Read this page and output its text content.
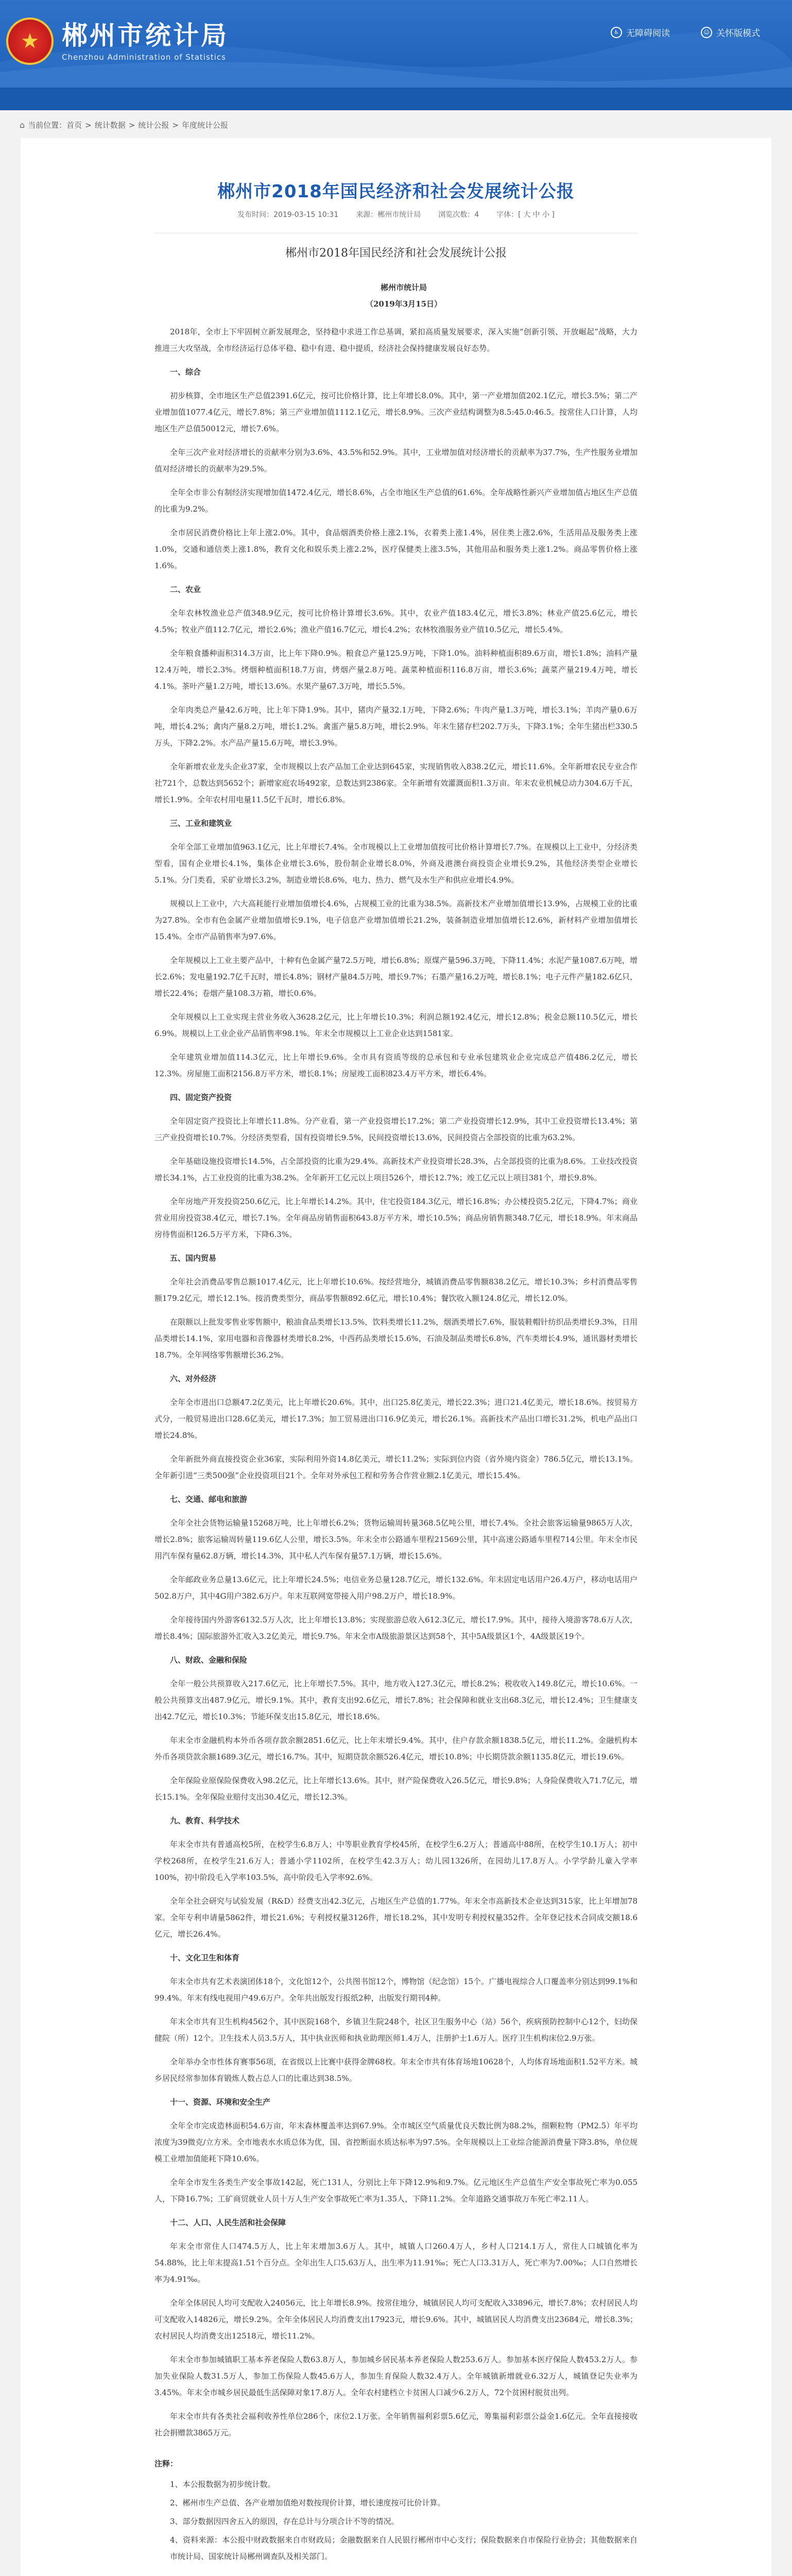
★ 郴州市统计局
Chenzhou Administration of Statistics
♿ 无障碍阅读	☺ 关怀版模式
⌂ 当前位置：首页 > 统计数据 > 统计公报 > 年度统计公报
郴州市2018年国民经济和社会发展统计公报
发布时间：2019-03-15 10:31 来源：郴州市统计局 浏览次数：4 字体：[ 大 中 小 ]
郴州市2018年国民经济和社会发展统计公报

郴州市统计局

（2019年3月15日）

2018年，全市上下牢固树立新发展理念，坚持稳中求进工作总基调，紧扣高质量发展要求，深入实施“创新引领、开放崛起”战略，大力推进三大攻坚战，全市经济运行总体平稳、稳中有进、稳中提质，经济社会保持健康发展良好态势。

一、综合

初步核算，全市地区生产总值2391.6亿元，按可比价格计算，比上年增长8.0%。其中，第一产业增加值202.1亿元，增长3.5%；第二产业增加值1077.4亿元，增长7.8%；第三产业增加值1112.1亿元，增长8.9%。三次产业结构调整为8.5:45.0:46.5。按常住人口计算，人均地区生产总值50012元，增长7.6%。

全年三次产业对经济增长的贡献率分别为3.6%、43.5%和52.9%。其中，工业增加值对经济增长的贡献率为37.7%，生产性服务业增加值对经济增长的贡献率为29.5%。

全年全市非公有制经济实现增加值1472.4亿元，增长8.6%，占全市地区生产总值的61.6%。全年战略性新兴产业增加值占地区生产总值的比重为9.2%。

全市居民消费价格比上年上涨2.0%。其中，食品烟酒类价格上涨2.1%，衣着类上涨1.4%，居住类上涨2.6%，生活用品及服务类上涨1.0%，交通和通信类上涨1.8%，教育文化和娱乐类上涨2.2%，医疗保健类上涨3.5%，其他用品和服务类上涨1.2%。商品零售价格上涨1.6%。

二、农业

全年农林牧渔业总产值348.9亿元，按可比价格计算增长3.6%。其中，农业产值183.4亿元，增长3.8%；林业产值25.6亿元，增长4.5%；牧业产值112.7亿元，增长2.6%；渔业产值16.7亿元，增长4.2%；农林牧渔服务业产值10.5亿元，增长5.4%。

全年粮食播种面积314.3万亩，比上年下降0.9%。粮食总产量125.9万吨，下降1.0%。油料种植面积89.6万亩，增长1.8%；油料产量12.4万吨，增长2.3%。烤烟种植面积18.7万亩，烤烟产量2.8万吨。蔬菜种植面积116.8万亩，增长3.6%；蔬菜产量219.4万吨，增长4.1%。茶叶产量1.2万吨，增长13.6%。水果产量67.3万吨，增长5.5%。

全年肉类总产量42.6万吨，比上年下降1.9%。其中，猪肉产量32.1万吨，下降2.6%；牛肉产量1.3万吨，增长3.1%；羊肉产量0.6万吨，增长4.2%；禽肉产量8.2万吨，增长1.2%。禽蛋产量5.8万吨，增长2.9%。年末生猪存栏202.7万头，下降3.1%；全年生猪出栏330.5万头，下降2.2%。水产品产量15.6万吨，增长3.9%。

全年新增农业龙头企业37家，全市规模以上农产品加工企业达到645家，实现销售收入838.2亿元，增长11.6%。全年新增农民专业合作社721个，总数达到5652个；新增家庭农场492家，总数达到2386家。全年新增有效灌溉面积1.3万亩。年末农业机械总动力304.6万千瓦，增长1.9%。全年农村用电量11.5亿千瓦时，增长6.8%。

三、工业和建筑业

全年全部工业增加值963.1亿元，比上年增长7.4%。全市规模以上工业增加值按可比价格计算增长7.7%。在规模以上工业中，分经济类型看，国有企业增长4.1%，集体企业增长3.6%，股份制企业增长8.0%，外商及港澳台商投资企业增长9.2%，其他经济类型企业增长5.1%。分门类看，采矿业增长3.2%，制造业增长8.6%，电力、热力、燃气及水生产和供应业增长4.9%。

规模以上工业中，六大高耗能行业增加值增长4.6%，占规模工业的比重为38.5%。高新技术产业增加值增长13.9%，占规模工业的比重为27.8%。全市有色金属产业增加值增长9.1%，电子信息产业增加值增长21.2%，装备制造业增加值增长12.6%，新材料产业增加值增长15.4%。全市产品销售率为97.6%。

全年规模以上工业主要产品中，十种有色金属产量72.5万吨，增长6.8%；原煤产量596.3万吨，下降11.4%；水泥产量1087.6万吨，增长2.6%；发电量192.7亿千瓦时，增长4.8%；钢材产量84.5万吨，增长9.7%；石墨产量16.2万吨，增长8.1%；电子元件产量182.6亿只，增长22.4%；卷烟产量108.3万箱，增长0.6%。

全年规模以上工业实现主营业务收入3628.2亿元，比上年增长10.3%；利润总额192.4亿元，增长12.8%；税金总额110.5亿元，增长6.9%。规模以上工业企业产品销售率98.1%。年末全市规模以上工业企业达到1581家。

全年建筑业增加值114.3亿元，比上年增长9.6%。全市具有资质等级的总承包和专业承包建筑业企业完成总产值486.2亿元，增长12.3%。房屋施工面积2156.8万平方米，增长8.1%；房屋竣工面积823.4万平方米，增长6.4%。

四、固定资产投资

全年固定资产投资比上年增长11.8%。分产业看，第一产业投资增长17.2%；第二产业投资增长12.9%，其中工业投资增长13.4%；第三产业投资增长10.7%。分经济类型看，国有投资增长9.5%，民间投资增长13.6%，民间投资占全部投资的比重为63.2%。

全年基础设施投资增长14.5%，占全部投资的比重为29.4%。高新技术产业投资增长28.3%，占全部投资的比重为8.6%。工业技改投资增长34.1%，占工业投资的比重为38.2%。全年新开工亿元以上项目526个，增长12.7%；竣工亿元以上项目381个，增长9.8%。

全年房地产开发投资250.6亿元，比上年增长14.2%。其中，住宅投资184.3亿元，增长16.8%；办公楼投资5.2亿元，下降4.7%；商业营业用房投资38.4亿元，增长7.1%。全年商品房销售面积643.8万平方米，增长10.5%；商品房销售额348.7亿元，增长18.9%。年末商品房待售面积126.5万平方米，下降6.3%。

五、国内贸易

全年社会消费品零售总额1017.4亿元，比上年增长10.6%。按经营地分，城镇消费品零售额838.2亿元，增长10.3%；乡村消费品零售额179.2亿元，增长12.1%。按消费类型分，商品零售额892.6亿元，增长10.4%；餐饮收入额124.8亿元，增长12.0%。

在限额以上批发零售业零售额中，粮油食品类增长13.5%，饮料类增长11.2%，烟酒类增长7.6%，服装鞋帽针纺织品类增长9.3%，日用品类增长14.1%，家用电器和音像器材类增长8.2%，中西药品类增长15.6%，石油及制品类增长6.8%，汽车类增长4.9%，通讯器材类增长18.7%。全年网络零售额增长36.2%。

六、对外经济

全年全市进出口总额47.2亿美元，比上年增长20.6%。其中，出口25.8亿美元，增长22.3%；进口21.4亿美元，增长18.6%。按贸易方式分，一般贸易进出口28.6亿美元，增长17.3%；加工贸易进出口16.9亿美元，增长26.1%。高新技术产品出口增长31.2%，机电产品出口增长24.8%。

全年新批外商直接投资企业36家，实际利用外资14.8亿美元，增长11.2%；实际到位内资（省外境内资金）786.5亿元，增长13.1%。全年新引进“三类500强”企业投资项目21个。全年对外承包工程和劳务合作营业额2.1亿美元，增长15.4%。

七、交通、邮电和旅游

全年全社会货物运输量15268万吨，比上年增长6.2%；货物运输周转量368.5亿吨公里，增长7.4%。全社会旅客运输量9865万人次，增长2.8%；旅客运输周转量119.6亿人公里，增长3.5%。年末全市公路通车里程21569公里，其中高速公路通车里程714公里。年末全市民用汽车保有量62.8万辆，增长14.3%，其中私人汽车保有量57.1万辆，增长15.6%。

全年邮政业务总量13.6亿元，比上年增长24.5%；电信业务总量128.7亿元，增长132.6%。年末固定电话用户26.4万户，移动电话用户502.8万户，其中4G用户382.6万户。年末互联网宽带接入用户98.2万户，增长18.9%。

全年接待国内外游客6132.5万人次，比上年增长13.8%；实现旅游总收入612.3亿元，增长17.9%。其中，接待入境游客78.6万人次，增长8.4%；国际旅游外汇收入3.2亿美元，增长9.7%。年末全市A级旅游景区达到58个，其中5A级景区1个，4A级景区19个。

八、财政、金融和保险

全年一般公共预算收入217.6亿元，比上年增长7.5%。其中，地方收入127.3亿元，增长8.2%；税收收入149.8亿元，增长10.6%。一般公共预算支出487.9亿元，增长9.1%。其中，教育支出92.6亿元，增长7.8%；社会保障和就业支出68.3亿元，增长12.4%；卫生健康支出42.7亿元，增长10.3%；节能环保支出15.8亿元，增长18.6%。

年末全市金融机构本外币各项存款余额2851.6亿元，比上年末增长9.4%。其中，住户存款余额1838.5亿元，增长11.2%。金融机构本外币各项贷款余额1689.3亿元，增长16.7%。其中，短期贷款余额526.4亿元，增长10.8%；中长期贷款余额1135.8亿元，增长19.6%。

全年保险业原保险保费收入98.2亿元，比上年增长13.6%。其中，财产险保费收入26.5亿元，增长9.8%；人身险保费收入71.7亿元，增长15.1%。全年保险业赔付支出30.4亿元，增长12.3%。

九、教育、科学技术

年末全市共有普通高校5所，在校学生6.8万人；中等职业教育学校45所，在校学生6.2万人；普通高中88所，在校学生10.1万人；初中学校268所，在校学生21.6万人；普通小学1102所，在校学生42.3万人；幼儿园1326所，在园幼儿17.8万人。小学学龄儿童入学率100%，初中阶段毛入学率103.5%，高中阶段毛入学率92.6%。

全年全社会研究与试验发展（R&D）经费支出42.3亿元，占地区生产总值的1.77%。年末全市高新技术企业达到315家，比上年增加78家。全年专利申请量5862件，增长21.6%；专利授权量3126件，增长18.2%，其中发明专利授权量352件。全年登记技术合同成交额18.6亿元，增长26.4%。

十、文化卫生和体育

年末全市共有艺术表演团体18个，文化馆12个，公共图书馆12个，博物馆（纪念馆）15个。广播电视综合人口覆盖率分别达到99.1%和99.4%。年末有线电视用户49.6万户。全年共出版发行报纸2种，出版发行期刊4种。

年末全市共有卫生机构4562个，其中医院168个，乡镇卫生院248个，社区卫生服务中心（站）56个，疾病预防控制中心12个，妇幼保健院（所）12个。卫生技术人员3.5万人，其中执业医师和执业助理医师1.4万人，注册护士1.6万人。医疗卫生机构床位2.9万张。

全年举办全市性体育赛事56项，在省级以上比赛中获得金牌68枚。年末全市共有体育场地10628个，人均体育场地面积1.52平方米。城乡居民经常参加体育锻炼人数占总人口的比重达到38.5%。

十一、资源、环境和安全生产

全年全市完成造林面积54.6万亩，年末森林覆盖率达到67.9%。全市城区空气质量优良天数比例为88.2%，细颗粒物（PM2.5）年平均浓度为39微克/立方米。全市地表水水质总体为优，国、省控断面水质达标率为97.5%。全年规模以上工业综合能源消费量下降3.8%，单位规模工业增加值能耗下降10.6%。

全年全市发生各类生产安全事故142起，死亡131人，分别比上年下降12.9%和9.7%。亿元地区生产总值生产安全事故死亡率为0.055人，下降16.7%；工矿商贸就业人员十万人生产安全事故死亡率为1.35人，下降11.2%。全年道路交通事故万车死亡率2.11人。

十二、人口、人民生活和社会保障

年末全市常住人口474.5万人，比上年末增加3.6万人。其中，城镇人口260.4万人，乡村人口214.1万人，常住人口城镇化率为54.88%，比上年末提高1.51个百分点。全年出生人口5.63万人，出生率为11.91‰；死亡人口3.31万人，死亡率为7.00‰；人口自然增长率为4.91‰。

全年全体居民人均可支配收入24056元，比上年增长8.9%。按常住地分，城镇居民人均可支配收入33896元，增长7.8%；农村居民人均可支配收入14826元，增长9.2%。全年全体居民人均消费支出17923元，增长9.6%。其中，城镇居民人均消费支出23684元，增长8.3%；农村居民人均消费支出12518元，增长11.2%。

年末全市参加城镇职工基本养老保险人数63.8万人，参加城乡居民基本养老保险人数253.6万人。参加基本医疗保险人数453.2万人。参加失业保险人数31.5万人，参加工伤保险人数45.6万人，参加生育保险人数32.4万人。全年城镇新增就业6.32万人，城镇登记失业率为3.45%。年末全市城乡居民最低生活保障对象17.8万人。全年农村建档立卡贫困人口减少6.2万人，72个贫困村脱贫出列。

年末全市共有各类社会福利收养性单位286个，床位2.1万张。全年销售福利彩票5.6亿元，筹集福利彩票公益金1.6亿元。全年直接接收社会捐赠款3865万元。

注释：

1、本公报数据为初步统计数。

2、郴州市生产总值、各产业增加值绝对数按现价计算，增长速度按可比价计算。

3、部分数据因四舍五入的原因，存在总计与分项合计不等的情况。

4、资料来源：本公报中财政数据来自市财政局；金融数据来自人民银行郴州市中心支行；保险数据来自市保险行业协会；其他数据来自市统计局、国家统计局郴州调查队及相关部门。
